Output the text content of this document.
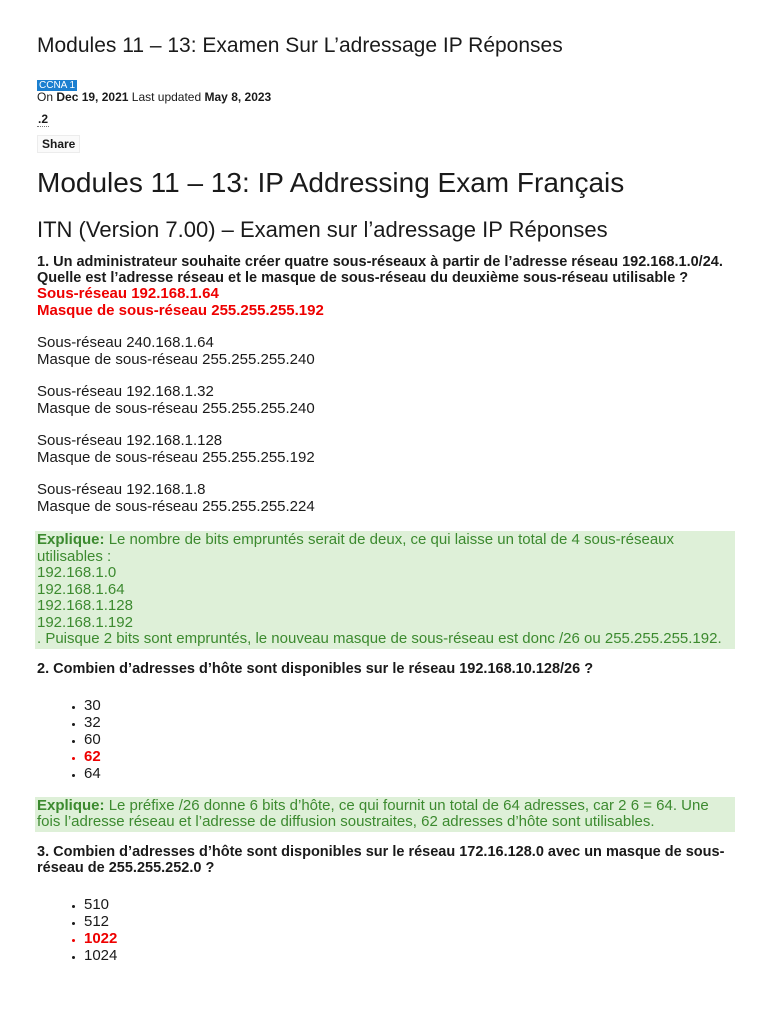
Modules 11 – 13: Examen Sur L’adressage IP Réponses
CCNA 1
On Dec 19, 2021 Last updated May 8, 2023
.2
Share
Modules 11 – 13: IP Addressing Exam Français
ITN (Version 7.00) – Examen sur l’adressage IP Réponses
1. Un administrateur souhaite créer quatre sous-réseaux à partir de l’adresse réseau 192.168.1.0/24. Quelle est l’adresse réseau et le masque de sous-réseau du deuxième sous-réseau utilisable ?
Sous-réseau 192.168.1.64
Masque de sous-réseau 255.255.255.192
Sous-réseau 240.168.1.64
Masque de sous-réseau 255.255.255.240
Sous-réseau 192.168.1.32
Masque de sous-réseau 255.255.255.240
Sous-réseau 192.168.1.128
Masque de sous-réseau 255.255.255.192
Sous-réseau 192.168.1.8
Masque de sous-réseau 255.255.255.224
Explique: Le nombre de bits empruntés serait de deux, ce qui laisse un total de 4 sous-réseaux utilisables :
192.168.1.0
192.168.1.64
192.168.1.128
192.168.1.192
. Puisque 2 bits sont empruntés, le nouveau masque de sous-réseau est donc /26 ou 255.255.255.192.
2. Combien d’adresses d’hôte sont disponibles sur le réseau 192.168.10.128/26 ?
• 30
• 32
• 60
• 62
• 64
Explique: Le préfixe /26 donne 6 bits d’hôte, ce qui fournit un total de 64 adresses, car 2 6 = 64. Une fois l’adresse réseau et l’adresse de diffusion soustraites, 62 adresses d’hôte sont utilisables.
3. Combien d’adresses d’hôte sont disponibles sur le réseau 172.16.128.0 avec un masque de sous-réseau de 255.255.252.0 ?
• 510
• 512
• 1022
• 1024
